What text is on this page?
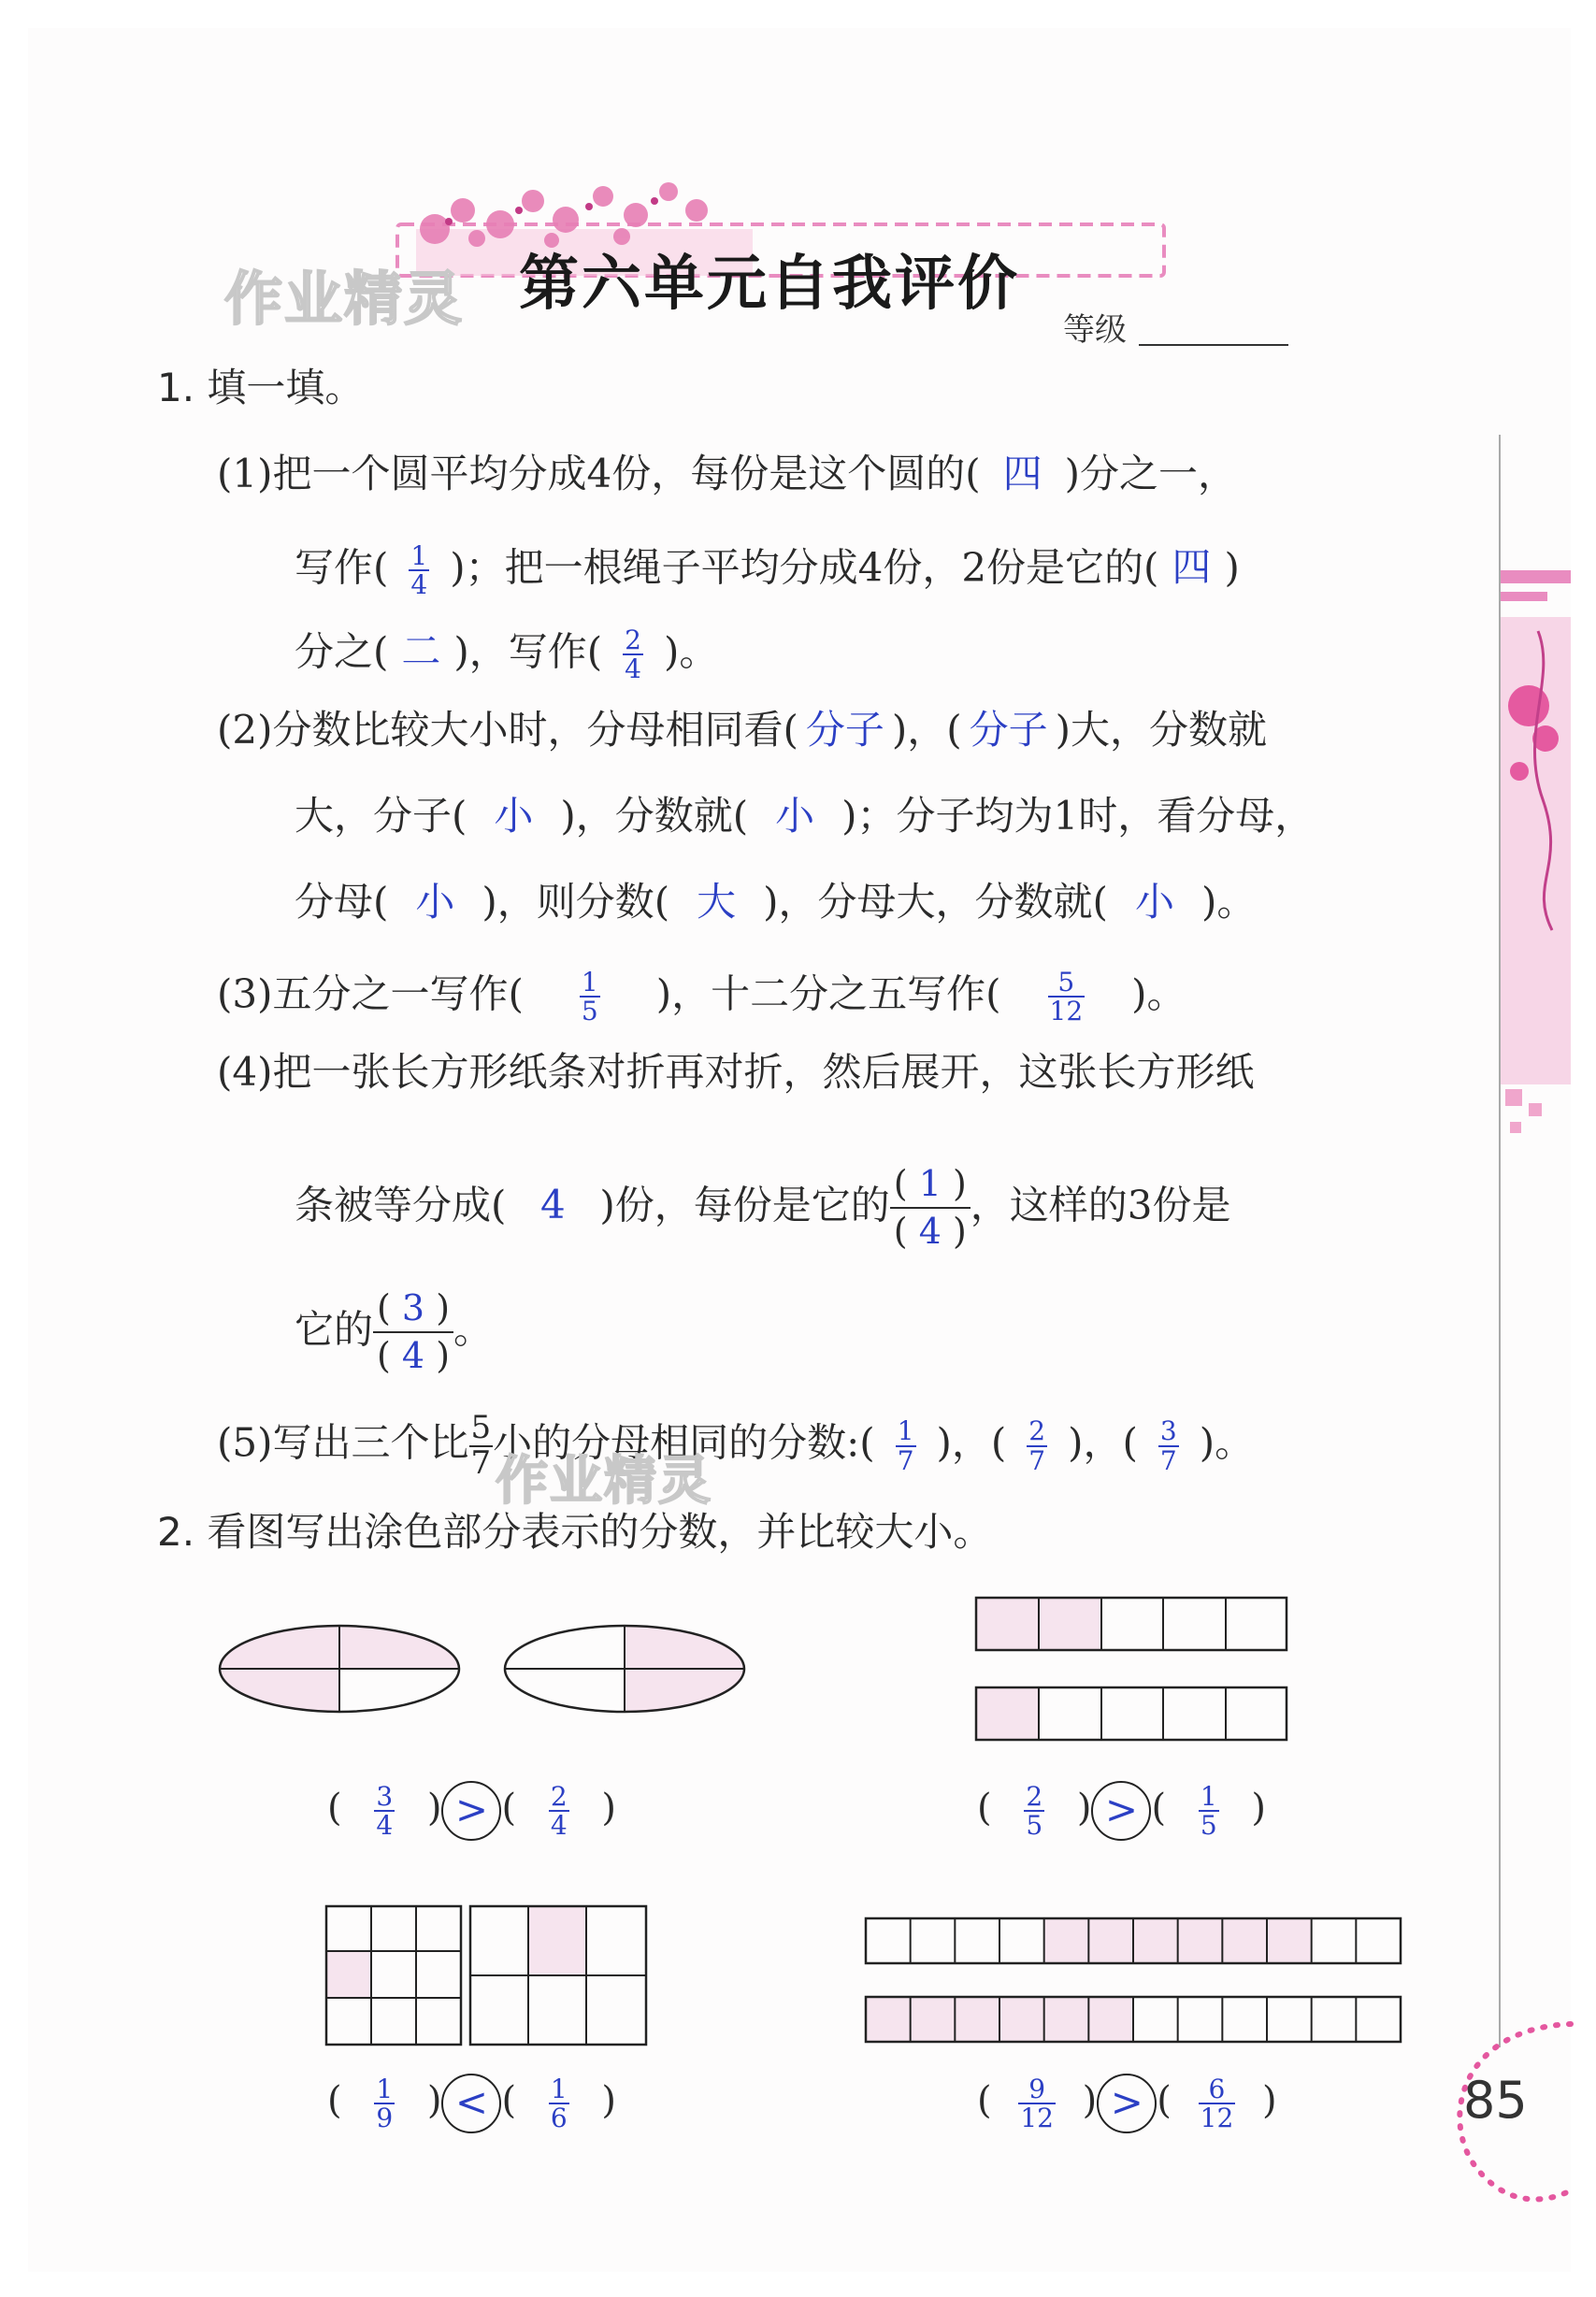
作业精灵 第六单元自我评价
等级
1. 填一填。
(1)把一个圆平均分成4份，每份是这个圆的( 四 )分之一，
写作( $\frac{1}{4}$ )；把一根绳子平均分成4份，2份是它的( 四 )
分之( 二 )，写作( $\frac{2}{4}$ )。
(2)分数比较大小时，分母相同看( 分子 )，( 分子 )大，分数就
大，分子( 小 )，分数就( 小 )；分子均为1时，看分母，
分母( 小 )，则分数( 大 )，分母大，分数就( 小 )。
(3)五分之一写作( $\frac{1}{5}$ )，十二分之五写作( $\frac{5}{12}$ )。
(4)把一张长方形纸条对折再对折，然后展开，这张长方形纸
条被等分成( 4 )份，每份是它的 $\frac{( 1 )}{( 4 )}$ ，这样的3份是
它的 $\frac{( 3 )}{( 4 )}$ 。
(5)写出三个比 $\frac{5}{7}$ 小的分母相同的分数:( $\frac{1}{7}$ )，( $\frac{2}{7}$ )，( $\frac{3}{7}$ )。
作业精灵
2. 看图写出涂色部分表示的分数，并比较大小。
( $\frac{3}{4}$ ) > ( $\frac{2}{4}$ )	( $\frac{2}{5}$ ) > ( $\frac{1}{5}$ )
( $\frac{1}{9}$ ) < ( $\frac{1}{6}$ )	( $\frac{9}{12}$ ) > ( $\frac{6}{12}$ )	85
